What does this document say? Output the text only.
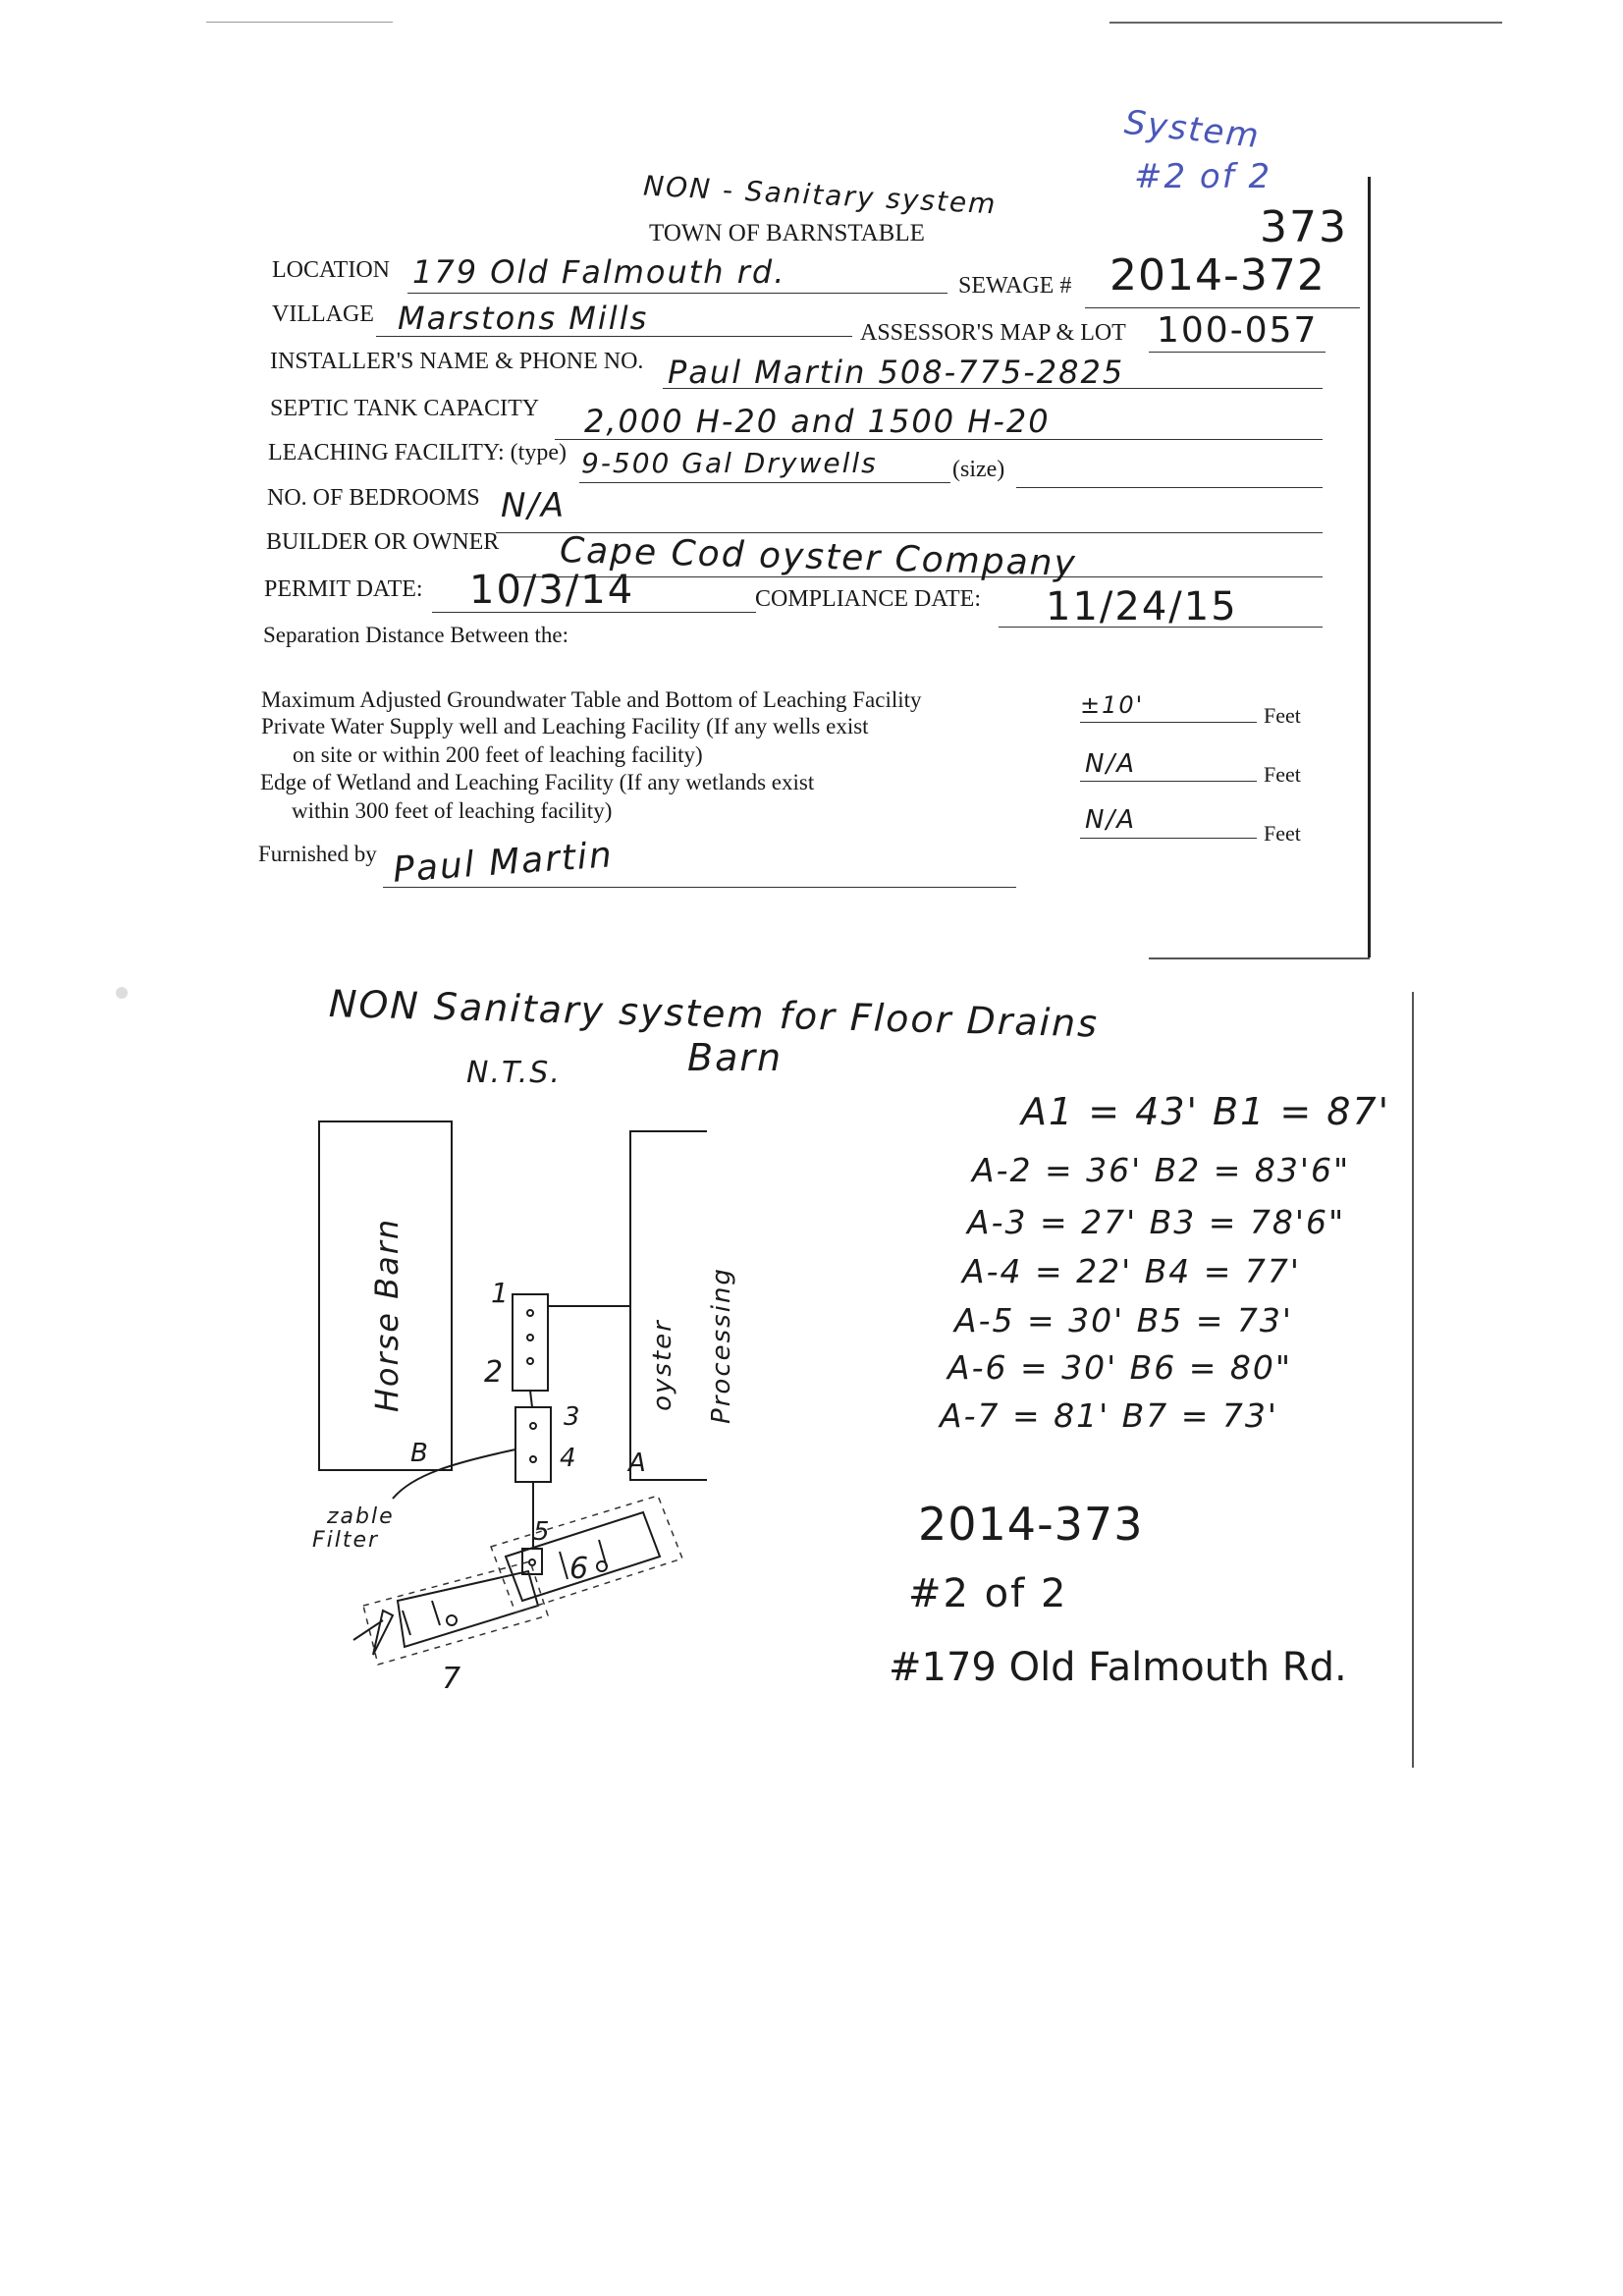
System
#2 of 2
NON - Sanitary system
TOWN OF BARNSTABLE	373
LOCATION 179 Old Falmouth rd.	SEWAGE # 2014-372
VILLAGE Marstons Mills	ASSESSOR'S MAP & LOT 100-057
INSTALLER'S NAME & PHONE NO. Paul Martin 508-775-2825
SEPTIC TANK CAPACITY 2,000 H-20 and 1500 H-20
LEACHING FACILITY: (type) 9-500 Gal Drywells	(size)
NO. OF BEDROOMS N/A
BUILDER OR OWNER Cape Cod oyster Company
PERMIT DATE: 10/3/14	COMPLIANCE DATE: 11/24/15
Separation Distance Between the:
Maximum Adjusted Groundwater Table and Bottom of Leaching Facility	±10'	Feet
Private Water Supply well and Leaching Facility (If any wells exist
on site or within 200 feet of leaching facility)	N/A	Feet
Edge of Wetland and Leaching Facility (If any wetlands exist
within 300 feet of leaching facility)	N/A	Feet
Furnished by Paul Martin
NON Sanitary system for Floor Drains
N.T.S.	Barn
Horse Barn	oyster Processing
B	A
1
2
3
4
5
6
7
zable
Filter
A1 = 43' B1 = 87'
A-2 = 36' B2 = 83'6"
A-3 = 27' B3 = 78'6"
A-4 = 22' B4 = 77'
A-5 = 30' B5 = 73'
A-6 = 30' B6 = 80"
A-7 = 81' B7 = 73'
2014-373
#2 of 2
#179 Old Falmouth Rd.
